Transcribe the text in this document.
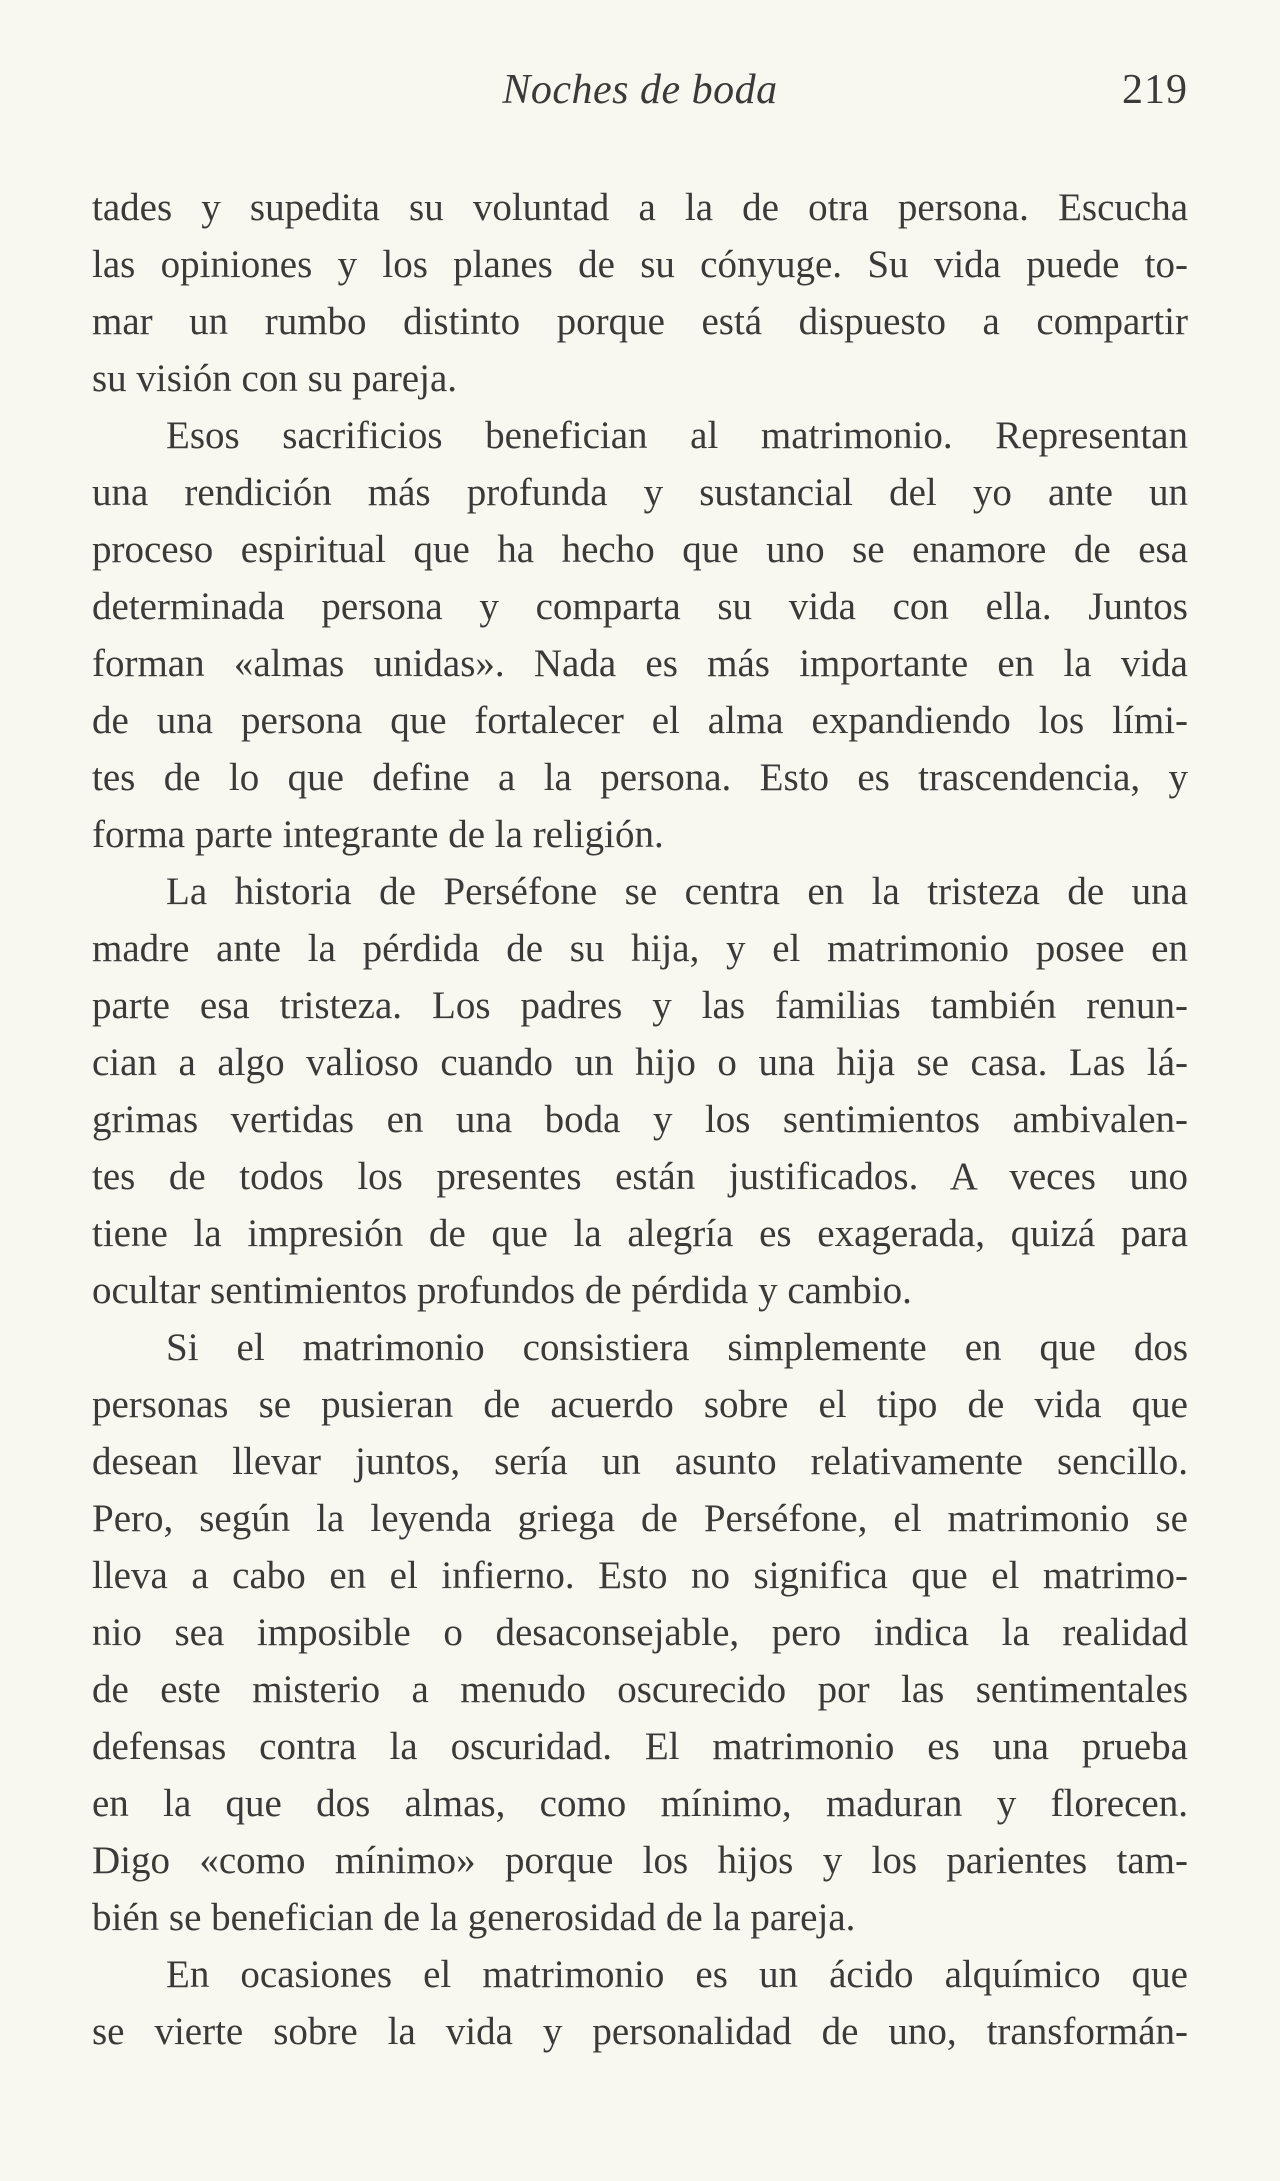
Noches de boda	219
tades y supedita su voluntad a la de otra persona. Escucha
las opiniones y los planes de su cónyuge. Su vida puede to-
mar un rumbo distinto porque está dispuesto a compartir
su visión con su pareja.
Esos sacrificios benefician al matrimonio. Representan
una rendición más profunda y sustancial del yo ante un
proceso espiritual que ha hecho que uno se enamore de esa
determinada persona y comparta su vida con ella. Juntos
forman «almas unidas». Nada es más importante en la vida
de una persona que fortalecer el alma expandiendo los lími-
tes de lo que define a la persona. Esto es trascendencia, y
forma parte integrante de la religión.
La historia de Perséfone se centra en la tristeza de una
madre ante la pérdida de su hija, y el matrimonio posee en
parte esa tristeza. Los padres y las familias también renun-
cian a algo valioso cuando un hijo o una hija se casa. Las lá-
grimas vertidas en una boda y los sentimientos ambivalen-
tes de todos los presentes están justificados. A veces uno
tiene la impresión de que la alegría es exagerada, quizá para
ocultar sentimientos profundos de pérdida y cambio.
Si el matrimonio consistiera simplemente en que dos
personas se pusieran de acuerdo sobre el tipo de vida que
desean llevar juntos, sería un asunto relativamente sencillo.
Pero, según la leyenda griega de Perséfone, el matrimonio se
lleva a cabo en el infierno. Esto no significa que el matrimo-
nio sea imposible o desaconsejable, pero indica la realidad
de este misterio a menudo oscurecido por las sentimentales
defensas contra la oscuridad. El matrimonio es una prueba
en la que dos almas, como mínimo, maduran y florecen.
Digo «como mínimo» porque los hijos y los parientes tam-
bién se benefician de la generosidad de la pareja.
En ocasiones el matrimonio es un ácido alquímico que
se vierte sobre la vida y personalidad de uno, transformán-
